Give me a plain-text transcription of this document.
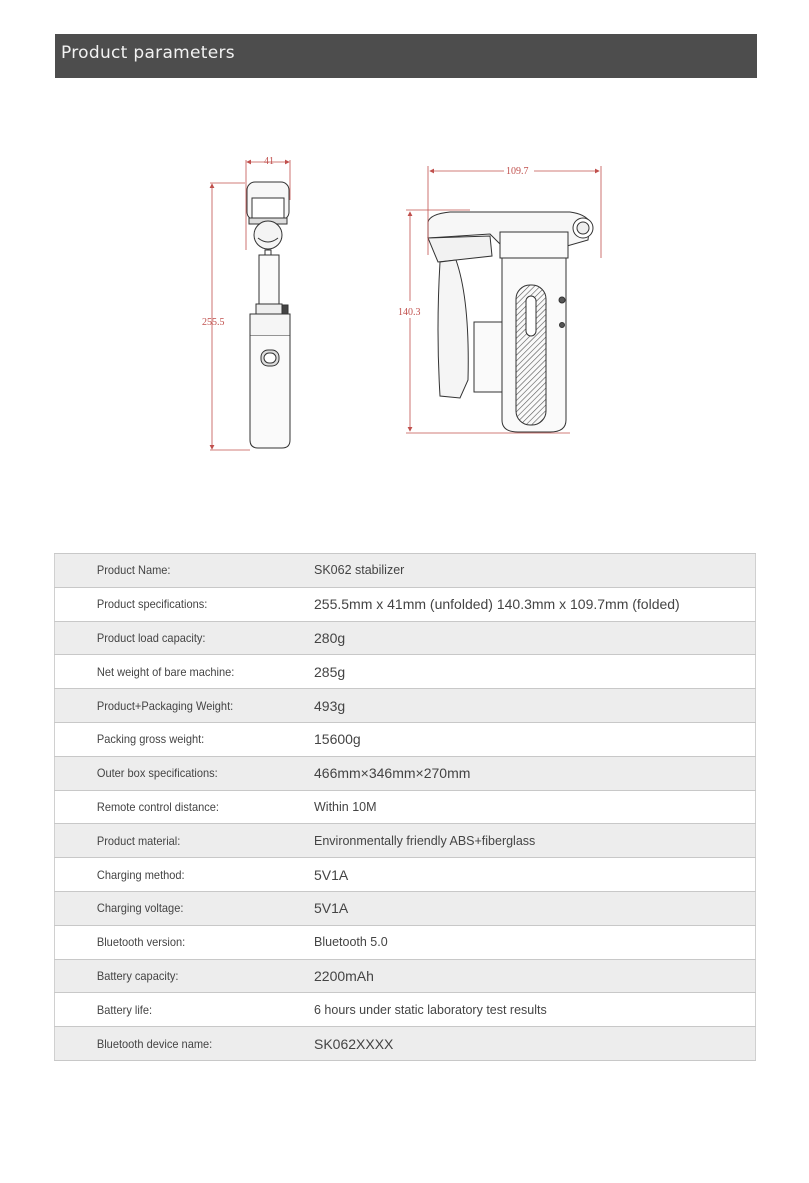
Product parameters
41
255.5
109.7
140.3
Product Name:	SK062 stabilizer
Product specifications:	255.5mm x 41mm (unfolded) 140.3mm x 109.7mm (folded)
Product load capacity:	280g
Net weight of bare machine:	285g
Product+Packaging Weight:	493g
Packing gross weight:	15600g
Outer box specifications:	466mm×346mm×270mm
Remote control distance:	Within 10M
Product material:	Environmentally friendly ABS+fiberglass
Charging method:	5V1A
Charging voltage:	5V1A
Bluetooth version:	Bluetooth 5.0
Battery capacity:	2200mAh
Battery life:	6 hours under static laboratory test results
Bluetooth device name:	SK062XXXX
